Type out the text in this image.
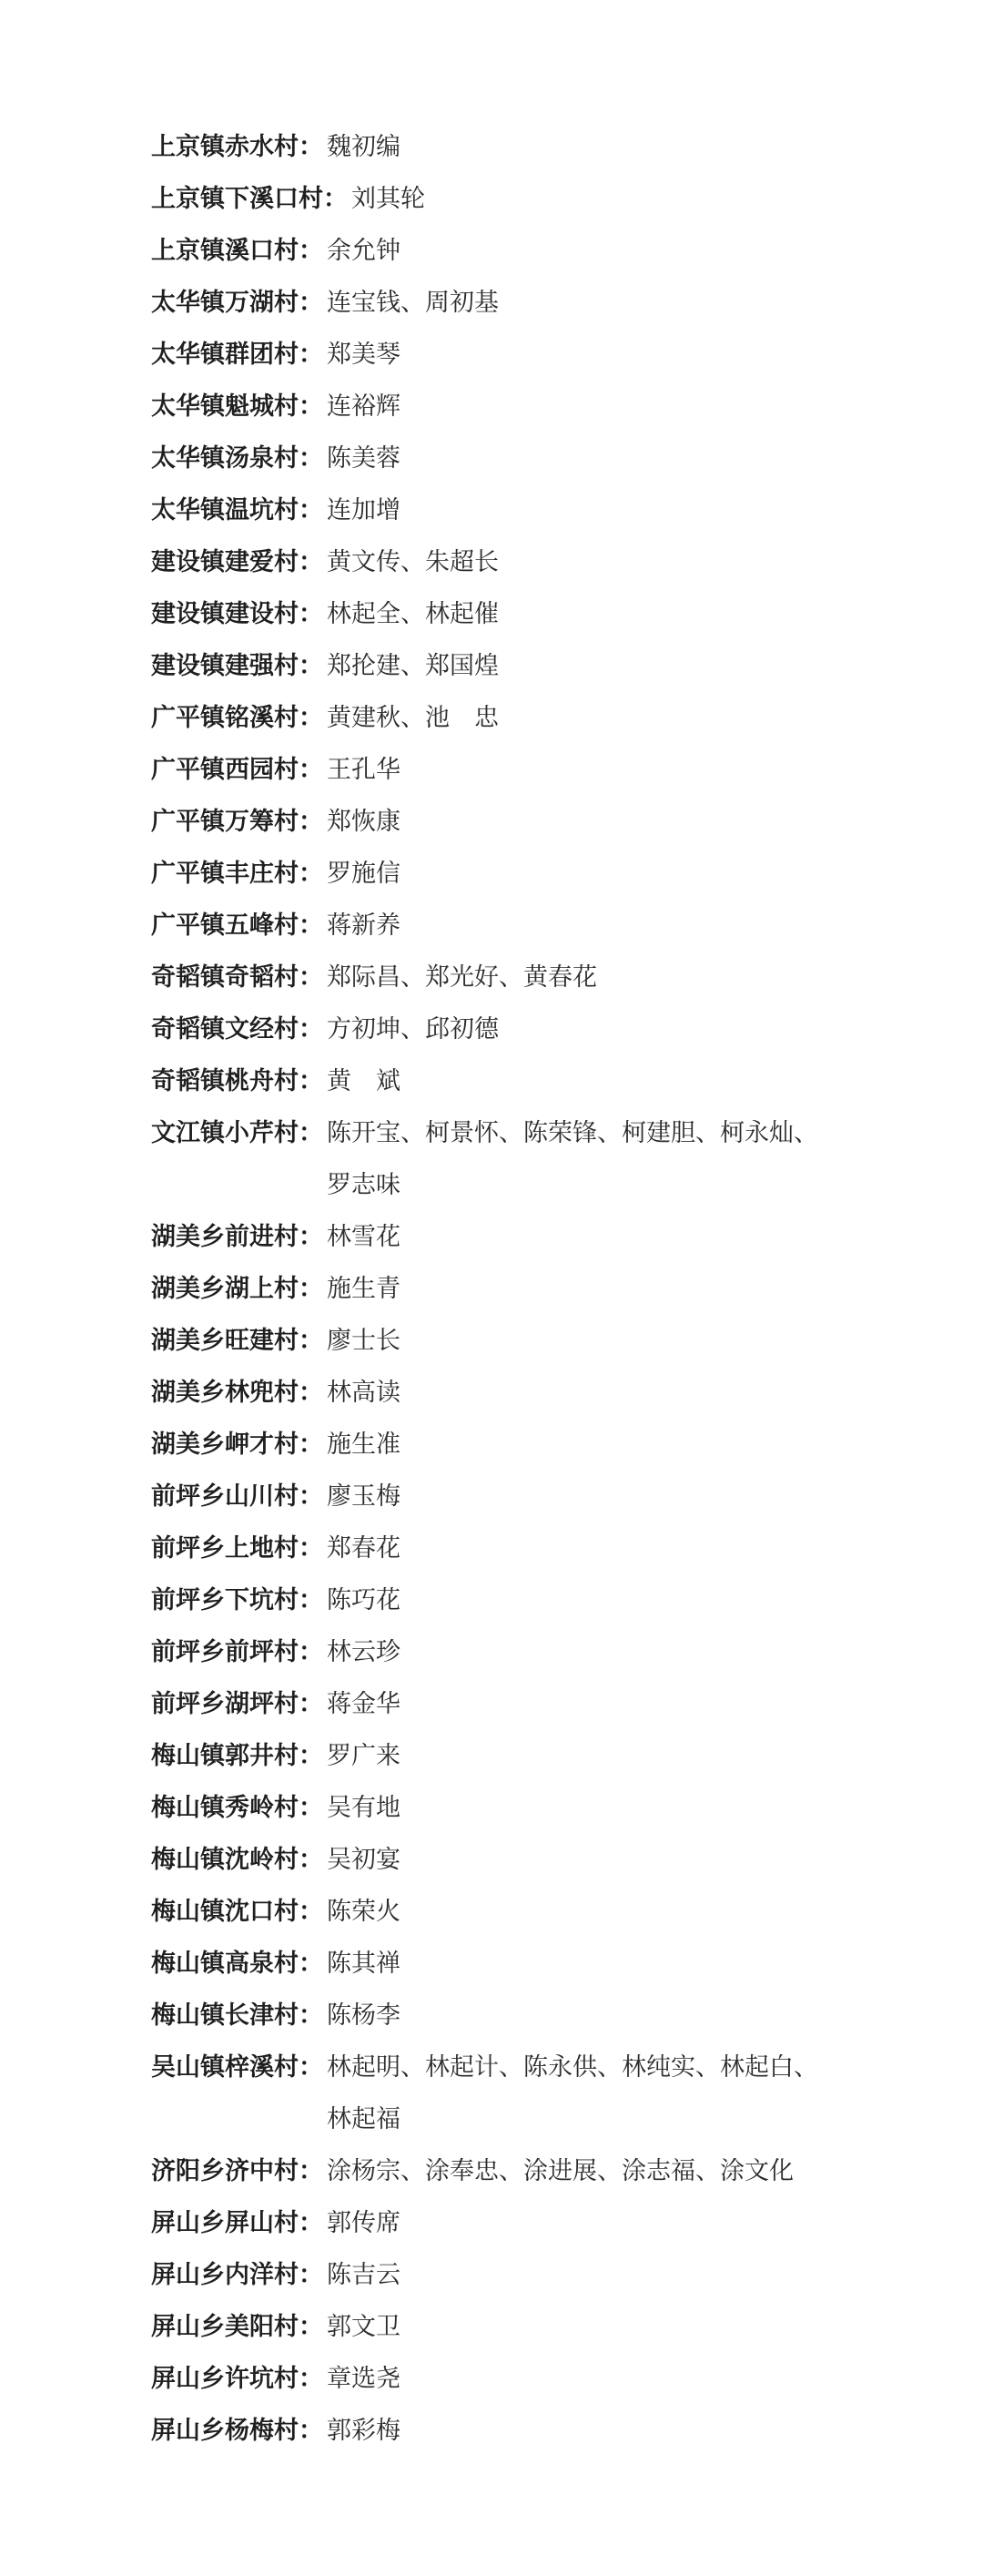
上京镇赤水村： 魏初编
上京镇下溪口村： 刘其轮
上京镇溪口村： 余允钟
太华镇万湖村： 连宝钱、周初基
太华镇群团村： 郑美琴
太华镇魁城村： 连裕辉
太华镇汤泉村： 陈美蓉
太华镇温坑村： 连加增
建设镇建爱村： 黄文传、朱超长
建设镇建设村： 林起全、林起催
建设镇建强村： 郑抡建、郑国煌
广平镇铭溪村： 黄建秋、池　忠
广平镇西园村： 王孔华
广平镇万筹村： 郑恢康
广平镇丰庄村： 罗施信
广平镇五峰村： 蒋新养
奇韬镇奇韬村： 郑际昌、郑光好、黄春花
奇韬镇文经村： 方初坤、邱初德
奇韬镇桃舟村： 黄　斌
文江镇小芹村： 陈开宝、柯景怀、陈荣锋、柯建胆、柯永灿、
罗志味
湖美乡前进村： 林雪花
湖美乡湖上村： 施生青
湖美乡旺建村： 廖士长
湖美乡林兜村： 林高读
湖美乡岬才村： 施生准
前坪乡山川村： 廖玉梅
前坪乡上地村： 郑春花
前坪乡下坑村： 陈巧花
前坪乡前坪村： 林云珍
前坪乡湖坪村： 蒋金华
梅山镇郭井村： 罗广来
梅山镇秀岭村： 吴有地
梅山镇沈岭村： 吴初宴
梅山镇沈口村： 陈荣火
梅山镇高泉村： 陈其禅
梅山镇长津村： 陈杨李
吴山镇梓溪村： 林起明、林起计、陈永供、林纯实、林起白、
林起福
济阳乡济中村： 涂杨宗、涂奉忠、涂进展、涂志福、涂文化
屏山乡屏山村： 郭传席
屏山乡内洋村： 陈吉云
屏山乡美阳村： 郭文卫
屏山乡许坑村： 章选尧
屏山乡杨梅村： 郭彩梅
